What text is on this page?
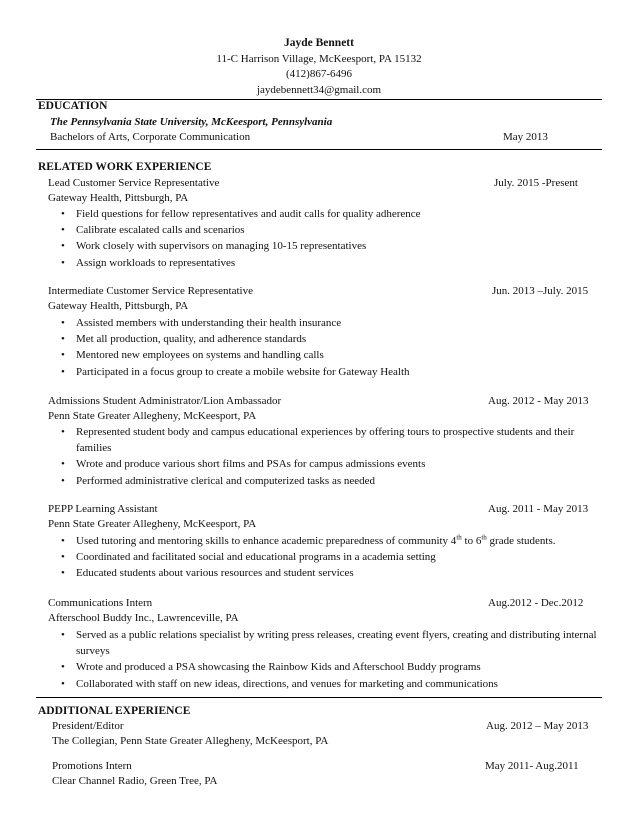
Jayde Bennett
11-C Harrison Village, McKeesport, PA 15132
(412)867-6496
jaydebennett34@gmail.com
EDUCATION
The Pennsylvania State University, McKeesport, Pennsylvania
Bachelors of Arts, Corporate Communication	May 2013
RELATED WORK EXPERIENCE
Lead Customer Service Representative	July. 2015 -Present
Gateway Health, Pittsburgh, PA
• Field questions for fellow representatives and audit calls for quality adherence
• Calibrate escalated calls and scenarios
• Work closely with supervisors on managing 10-15 representatives
• Assign workloads to representatives
Intermediate Customer Service Representative	Jun. 2013 –July. 2015
Gateway Health, Pittsburgh, PA
• Assisted members with understanding their health insurance
• Met all production, quality, and adherence standards
• Mentored new employees on systems and handling calls
• Participated in a focus group to create a mobile website for Gateway Health
Admissions Student Administrator/Lion Ambassador	Aug. 2012 - May 2013
Penn State Greater Allegheny, McKeesport, PA
• Represented student body and campus educational experiences by offering tours to prospective students and their families
• Wrote and produce various short films and PSAs for campus admissions events
• Performed administrative clerical and computerized tasks as needed
PEPP Learning Assistant	Aug. 2011 - May 2013
Penn State Greater Allegheny, McKeesport, PA
• Used tutoring and mentoring skills to enhance academic preparedness of community 4th to 6th grade students.
• Coordinated and facilitated social and educational programs in a academia setting
• Educated students about various resources and student services
Communications Intern	Aug.2012 - Dec.2012
Afterschool Buddy Inc., Lawrenceville, PA
• Served as a public relations specialist by writing press releases, creating event flyers, creating and distributing internal surveys
• Wrote and produced a PSA showcasing the Rainbow Kids and Afterschool Buddy programs
• Collaborated with staff on new ideas, directions, and venues for marketing and communications
ADDITIONAL EXPERIENCE
President/Editor	Aug. 2012 – May 2013
The Collegian, Penn State Greater Allegheny, McKeesport, PA
Promotions Intern	May 2011- Aug.2011
Clear Channel Radio, Green Tree, PA
